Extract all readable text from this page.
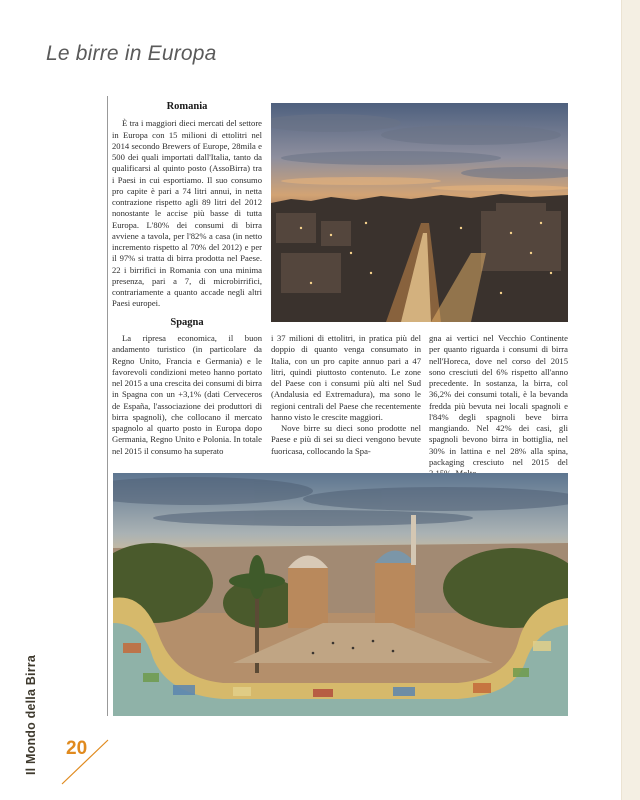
Le birre in Europa
Romania

È tra i maggiori dieci mercati del settore in Europa con 15 milioni di ettolitri nel 2014 secondo Brewers of Europe, 28mila e 500 dei quali importati dall'Italia, tanto da qualificarsi al quinto posto (AssoBirra) tra i Paesi in cui esportiamo. Il suo consumo pro capite è pari a 74 litri annui, in netta contrazione rispetto agli 89 litri del 2012 nonostante le accise più basse di tutta Europa. L'80% dei consumi di birra avviene a tavola, per l'82% a casa (in netto incremento rispetto al 70% del 2012) e per il 97% si tratta di birra prodotta nel Paese. 22 i birrifici in Romania con una minima presenza, pari a 7, di microbirrifici, contrariamente a quanto accade negli altri Paesi europei.

Spagna

La ripresa economica, il buon andamento turistico (in particolare da Regno Unito, Francia e Germania) e le favorevoli condizioni meteo hanno portato nel 2015 a una crescita dei consumi di birra in Spagna con un +3,1% (dati Cerveceros de España, l'associazione dei produttori di birra spagnoli), che collocano il mercato spagnolo al quarto posto in Europa dopo Germania, Regno Unito e Polonia. In totale nel 2015 il consumo ha superato

i 37 milioni di ettolitri, in pratica più del doppio di quanto venga consumato in Italia, con un pro capite annuo pari a 47 litri, quindi piuttosto contenuto. Le zone del Paese con i consumi più alti nel Sud (Andalusia ed Extremadura), ma sono le regioni centrali del Paese che recentemente hanno visto le crescite maggiori.

Nove birre su dieci sono prodotte nel Paese e più di sei su dieci vengono bevute fuoricasa, collocando la Spa-

gna ai vertici nel Vecchio Continente per quanto riguarda i consumi di birra nell'Horeca, dove nel corso del 2015 sono cresciuti del 6% rispetto all'anno precedente. In sostanza, la birra, col 36,2% dei consumi totali, è la bevanda fredda più bevuta nei locali spagnoli e l'84% degli spagnoli beve birra mangiando. Nel 42% dei casi, gli spagnoli bevono birra in bottiglia, nel 30% in lattina e nel 28% alla spina, packaging cresciuto nel 2015 del

Il Mondo della Birra 20
